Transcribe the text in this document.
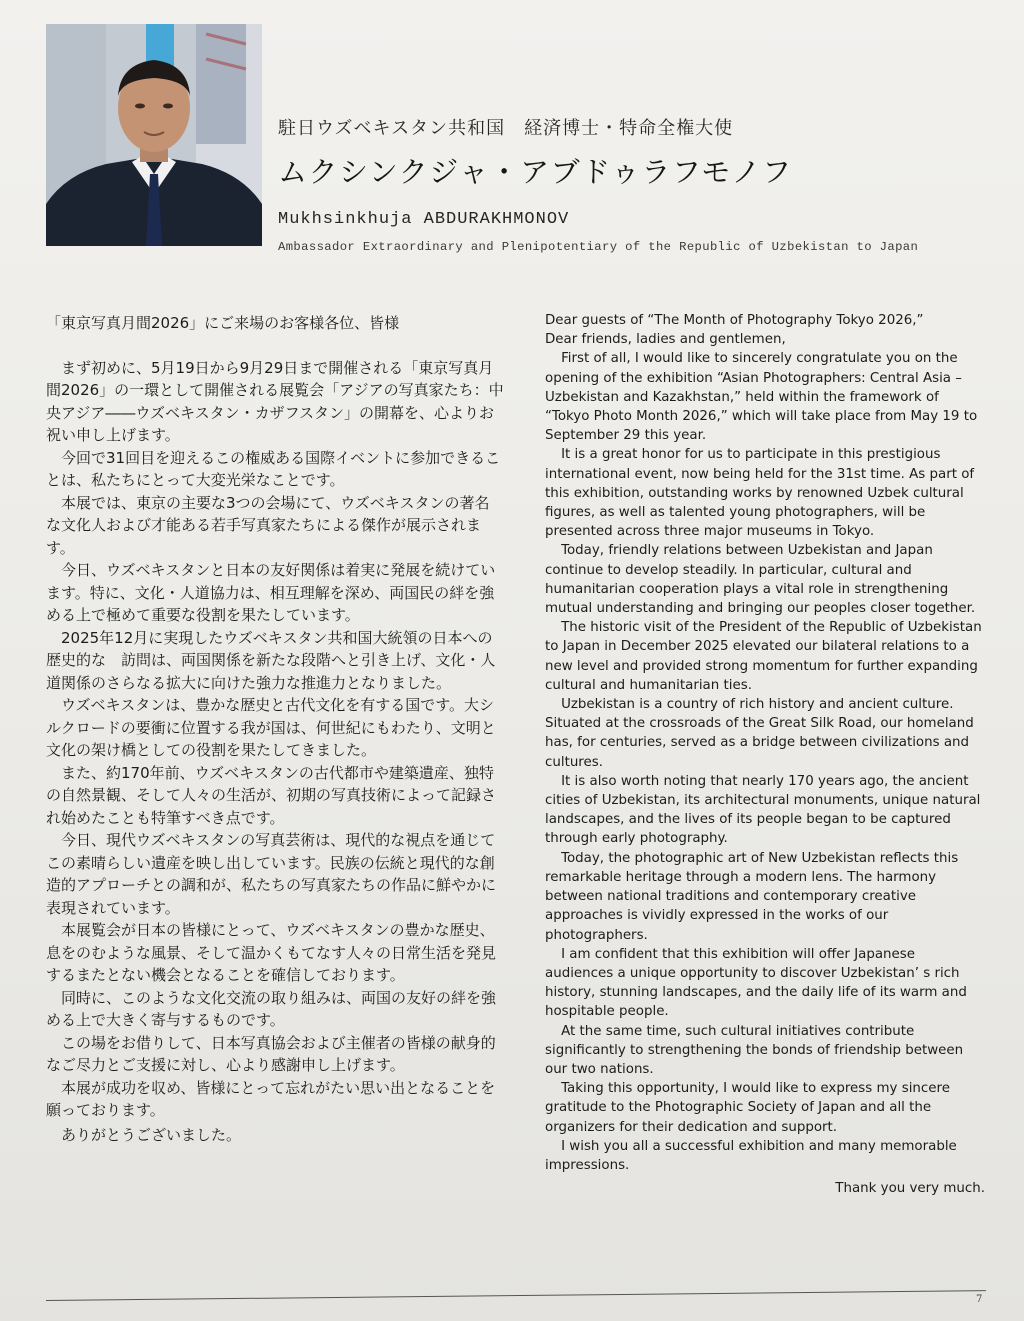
駐日ウズベキスタン共和国　経済博士・特命全権大使
ムクシンクジャ・アブドゥラフモノフ
Mukhsinkhuja ABDURAKHMONOV
Ambassador Extraordinary and Plenipotentiary of the Republic of Uzbekistan to Japan

「東京写真月間2026」にご来場のお客様各位、皆様

まず初めに、5月19日から9月29日まで開催される「東京写真月間2026」の一環として開催される展覧会「アジアの写真家たち：中央アジア――ウズベキスタン・カザフスタン」の開幕を、心よりお祝い申し上げます。

今回で31回目を迎えるこの権威ある国際イベントに参加できることは、私たちにとって大変光栄なことです。

本展では、東京の主要な3つの会場にて、ウズベキスタンの著名な文化人および才能ある若手写真家たちによる傑作が展示されます。

今日、ウズベキスタンと日本の友好関係は着実に発展を続けています。特に、文化・人道協力は、相互理解を深め、両国民の絆を強める上で極めて重要な役割を果たしています。

2025年12月に実現したウズベキスタン共和国大統領の日本への歴史的な　訪問は、両国関係を新たな段階へと引き上げ、文化・人道関係のさらなる拡大に向けた強力な推進力となりました。

ウズベキスタンは、豊かな歴史と古代文化を有する国です。大シルクロードの要衝に位置する我が国は、何世紀にもわたり、文明と文化の架け橋としての役割を果たしてきました。

また、約170年前、ウズベキスタンの古代都市や建築遺産、独特の自然景観、そして人々の生活が、初期の写真技術によって記録され始めたことも特筆すべき点です。

今日、現代ウズベキスタンの写真芸術は、現代的な視点を通じてこの素晴らしい遺産を映し出しています。民族の伝統と現代的な創造的アプローチとの調和が、私たちの写真家たちの作品に鮮やかに表現されています。

本展覧会が日本の皆様にとって、ウズベキスタンの豊かな歴史、息をのむような風景、そして温かくもてなす人々の日常生活を発見するまたとない機会となることを確信しております。

同時に、このような文化交流の取り組みは、両国の友好の絆を強める上で大きく寄与するものです。

この場をお借りして、日本写真協会および主催者の皆様の献身的なご尽力とご支援に対し、心より感謝申し上げます。

本展が成功を収め、皆様にとって忘れがたい思い出となることを願っております。

ありがとうございました。

Dear guests of “The Month of Photography Tokyo 2026,”

Dear friends, ladies and gentlemen,

First of all, I would like to sincerely congratulate you on the opening of the exhibition “Asian Photographers: Central Asia – Uzbekistan and Kazakhstan,” held within the framework of “Tokyo Photo Month 2026,” which will take place from May 19 to September 29 this year.

It is a great honor for us to participate in this prestigious international event, now being held for the 31st time. As part of this exhibition, outstanding works by renowned Uzbek cultural figures, as well as talented young photographers, will be presented across three major museums in Tokyo.

Today, friendly relations between Uzbekistan and Japan continue to develop steadily. In particular, cultural and humanitarian cooperation plays a vital role in strengthening mutual understanding and bringing our peoples closer together.

The historic visit of the President of the Republic of Uzbekistan to Japan in December 2025 elevated our bilateral relations to a new level and provided strong momentum for further expanding cultural and humanitarian ties.

Uzbekistan is a country of rich history and ancient culture. Situated at the crossroads of the Great Silk Road, our homeland has, for centuries, served as a bridge between civilizations and cultures.

It is also worth noting that nearly 170 years ago, the ancient cities of Uzbekistan, its architectural monuments, unique natural landscapes, and the lives of its people began to be captured through early photography.

Today, the photographic art of New Uzbekistan reflects this remarkable heritage through a modern lens. The harmony between national traditions and contemporary creative approaches is vividly expressed in the works of our photographers.

I am confident that this exhibition will offer Japanese audiences a unique opportunity to discover Uzbekistan’ s rich history, stunning landscapes, and the daily life of its warm and hospitable people.

At the same time, such cultural initiatives contribute significantly to strengthening the bonds of friendship between our two nations.

Taking this opportunity, I would like to express my sincere gratitude to the Photographic Society of Japan and all the organizers for their dedication and support.

I wish you all a successful exhibition and many memorable impressions.

Thank you very much.

7
